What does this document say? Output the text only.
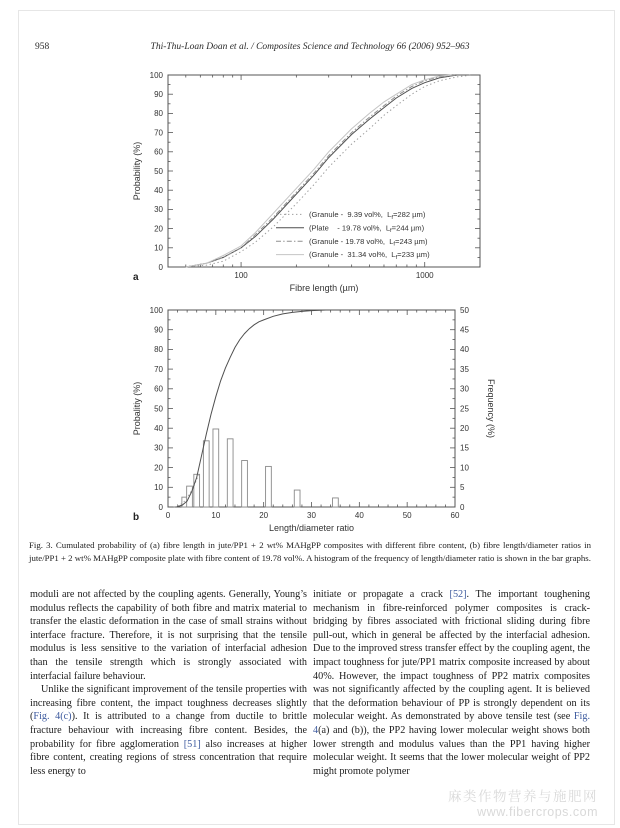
958	Thi-Thu-Loan Doan et al. / Composites Science and Technology 66 (2006) 952–963
0
10
20
30
40
50
60
70
80
90
100
100	1000
(Granule -  9.39 vol%,  $L_f=282$ µm)
(Plate    - 19.78 vol%,  $L_f=244$ µm)
(Granule - 19.78 vol%,  $L_f=243$ µm)
(Granule -  31.34 vol%,  $L_f=233$ µm)
Fibre length (µm)
Probability (%)
a
0	10	20	30	40	50	60
0
10
20
30
40
50
60
70
80
90
100
0
5
10
15
20
25
30
35
40
45
50
Length/diameter ratio
Probalitiy (%)	Frequency (%)
b
Fig. 3. Cumulated probability of (a) fibre length in jute/PP1 + 2 wt% MAHgPP composites with different fibre content, (b) fibre length/diameter ratios in jute/PP1 + 2 wt% MAHgPP composite plate with fibre content of 19.78 vol%. A histogram of the frequency of length/diameter ratio is shown in the bar graphs.

moduli are not affected by the coupling agents. Generally, Young’s modulus reflects the capability of both fibre and matrix material to transfer the elastic deformation in the case of small strains without interface fracture. Therefore, it is not surprising that the tensile modulus is less sensitive to the variation of interfacial adhesion than the tensile strength which is strongly associated with interfacial failure behaviour.

Unlike the significant improvement of the tensile properties with increasing fibre content, the impact toughness decreases slightly (Fig. 4(c)). It is attributed to a change from ductile to brittle fracture behaviour with increasing fibre content. Besides, the probability for fibre agglomeration [51] also increases at higher fibre content, creating regions of stress concentration that require less energy to

initiate or propagate a crack [52]. The important toughening mechanism in fibre-reinforced polymer composites is crack-bridging by fibres associated with frictional sliding during fibre pull-out, which in general be affected by the interfacial adhesion. Due to the improved stress transfer effect by the coupling agent, the impact toughness for jute/PP1 matrix composite increased by about 40%. However, the impact toughness of PP2 matrix composites was not significantly affected by the coupling agent. It is believed that the deformation behaviour of PP is strongly dependent on its molecular weight. As demonstrated by above tensile test (see Fig. 4(a) and (b)), the PP2 having lower molecular weight shows both lower strength and modulus values than the PP1 having higher molecular weight. It seems that the lower molecular weight of PP2 might promote polymer

麻类作物营养与施肥网
www.fibercrops.com
